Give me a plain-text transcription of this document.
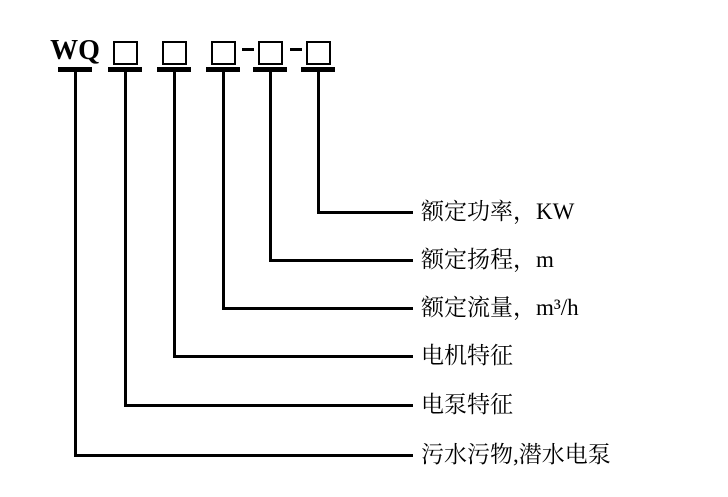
WQ
额定功率，KW
额定扬程，m
额定流量，m³/h
电机特征
电泵特征
污水污物,潜水电泵
